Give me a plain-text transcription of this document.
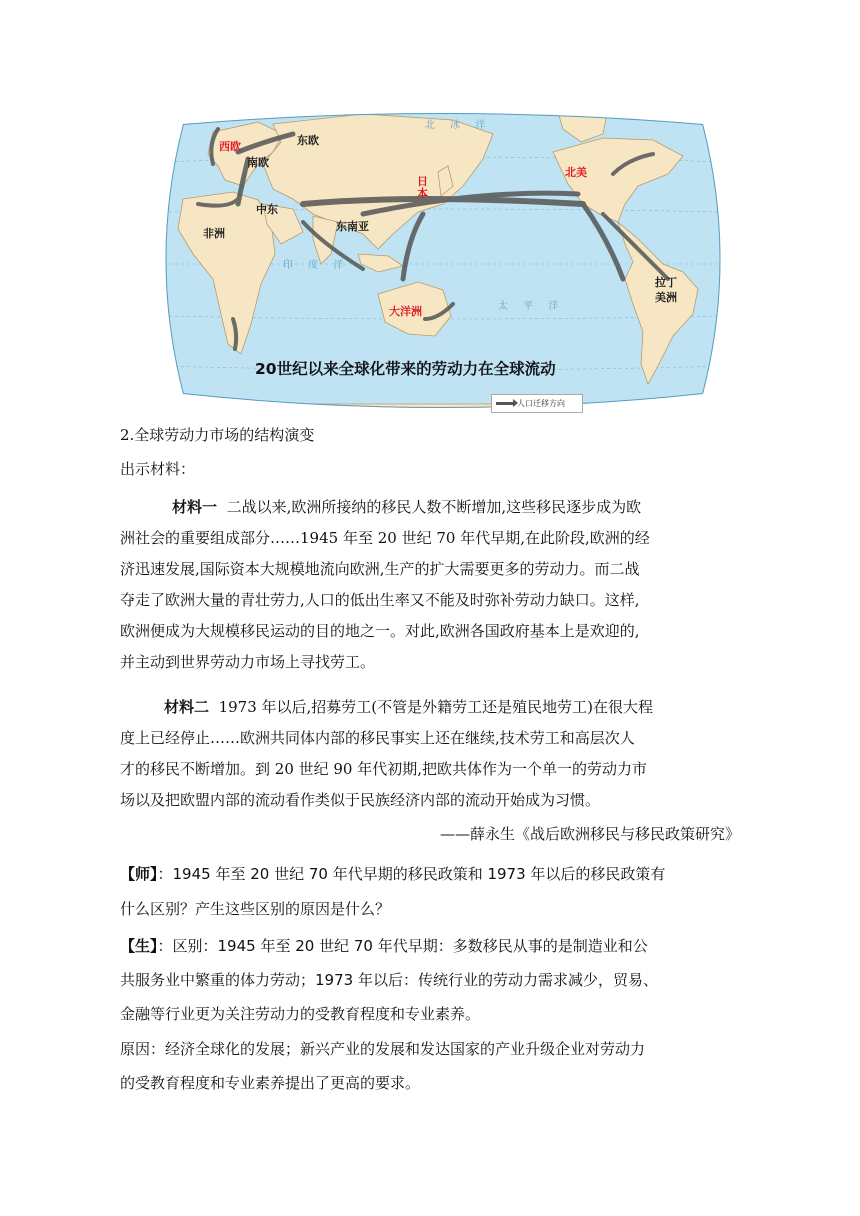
西欧	东欧
南欧
中东
东南亚
非洲
日本
北美
拉丁
美洲
大洋洲
北 冰 洋
印 度 洋
太 平 洋
20世纪以来全球化带来的劳动力在全球流动
人口迁移方向
2.全球劳动力市场的结构演变
出示材料：
材料一 二战以来,欧洲所接纳的移民人数不断增加,这些移民逐步成为欧
洲社会的重要组成部分……1945 年至 20 世纪 70 年代早期,在此阶段,欧洲的经
济迅速发展,国际资本大规模地流向欧洲,生产的扩大需要更多的劳动力。而二战
夺走了欧洲大量的青壮劳力,人口的低出生率又不能及时弥补劳动力缺口。这样,
欧洲便成为大规模移民运动的目的地之一。对此,欧洲各国政府基本上是欢迎的,
并主动到世界劳动力市场上寻找劳工。
材料二 1973 年以后,招募劳工(不管是外籍劳工还是殖民地劳工)在很大程
度上已经停止……欧洲共同体内部的移民事实上还在继续,技术劳工和高层次人
才的移民不断增加。到 20 世纪 90 年代初期,把欧共体作为一个单一的劳动力市
场以及把欧盟内部的流动看作类似于民族经济内部的流动开始成为习惯。
——薛永生《战后欧洲移民与移民政策研究》
【师】：1945 年至 20 世纪 70 年代早期的移民政策和 1973 年以后的移民政策有
什么区别？产生这些区别的原因是什么？
【生】：区别：1945 年至 20 世纪 70 年代早期：多数移民从事的是制造业和公
共服务业中繁重的体力劳动；1973 年以后：传统行业的劳动力需求减少，贸易、
金融等行业更为关注劳动力的受教育程度和专业素养。
原因：经济全球化的发展；新兴产业的发展和发达国家的产业升级企业对劳动力
的受教育程度和专业素养提出了更高的要求。
